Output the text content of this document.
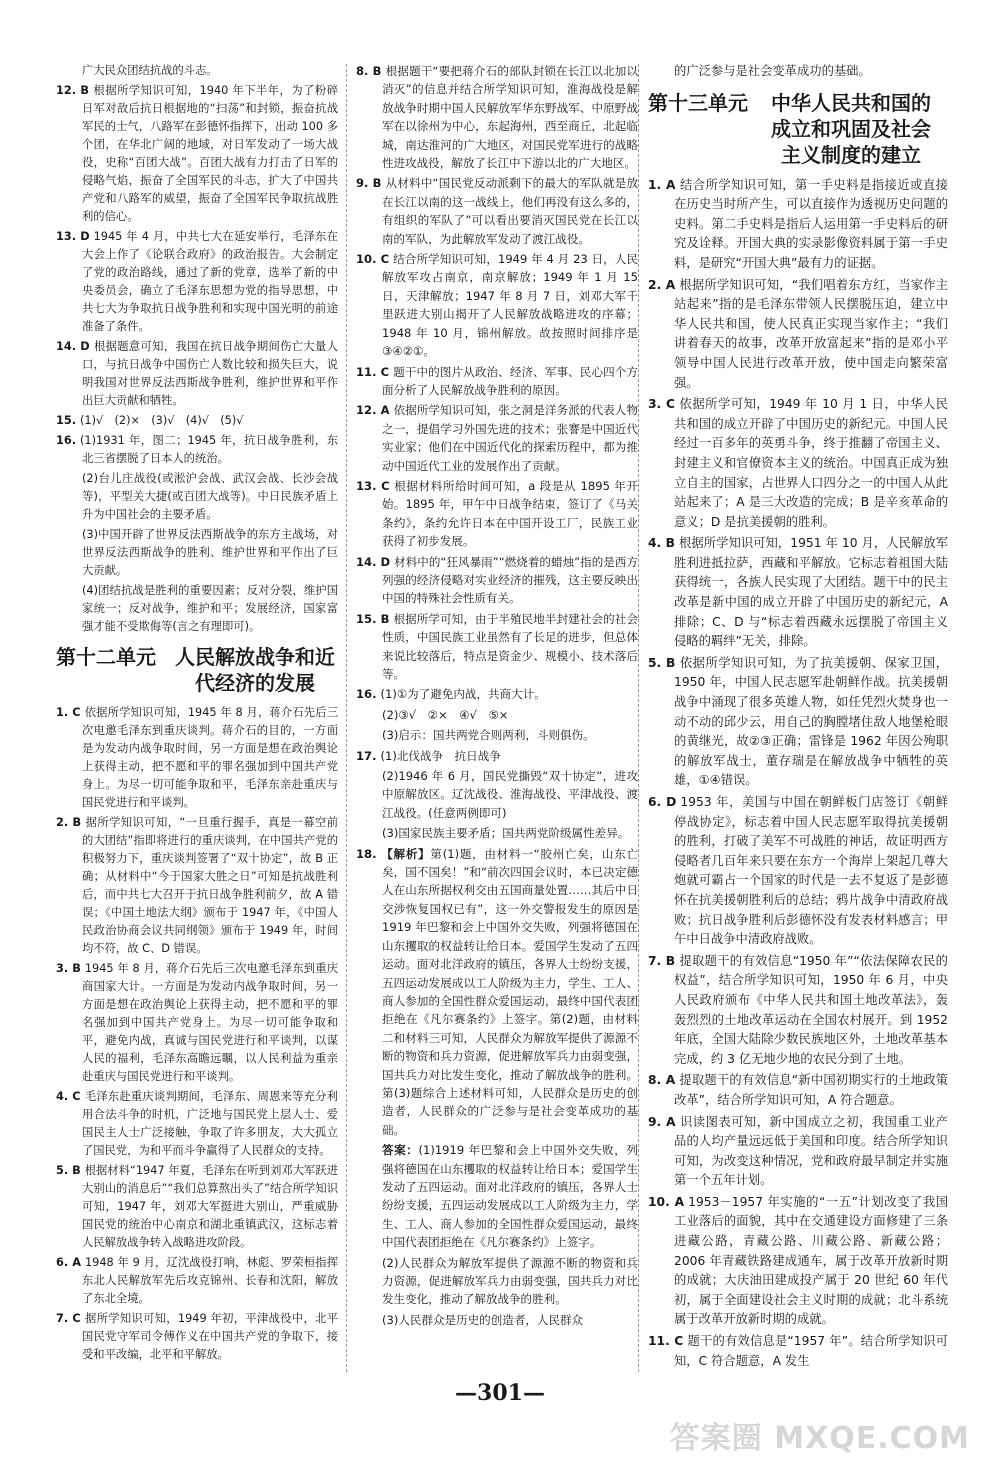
广大民众团结抗战的斗志。

12. B 根据所学知识可知，1940 年下半年，为了粉碎日军对敌后抗日根据地的“扫荡”和封锁，振奋抗战军民的士气，八路军在彭德怀指挥下，出动 100 多个团，在华北广阔的地域，对日军发动了一场大战役，史称“百团大战”。百团大战有力打击了日军的侵略气焰，振奋了全国军民的斗志，扩大了中国共产党和八路军的威望，振奋了全国军民争取抗战胜利的信心。

13. D 1945 年 4 月，中共七大在延安举行，毛泽东在大会上作了《论联合政府》的政治报告。大会制定了党的政治路线，通过了新的党章，选举了新的中央委员会，确立了毛泽东思想为党的指导思想，中共七大为争取抗日战争胜利和实现中国光明的前途准备了条件。

14. D 根据题意可知，我国在抗日战争期间伤亡大量人口，与抗日战争中国伤亡人数比较和损失巨大，说明我国对世界反法西斯战争胜利，维护世界和平作出巨大贡献和牺牲。

15. (1)√　(2)×　(3)√　(4)√　(5)√

16. (1)1931 年，图二；1945 年，抗日战争胜利，东北三省摆脱了日本人的统治。

(2)台儿庄战役(或淞沪会战、武汉会战、长沙会战等)，平型关大捷(或百团大战等)。中日民族矛盾上升为中国社会的主要矛盾。

(3)中国开辟了世界反法西斯战争的东方主战场，对世界反法西斯战争的胜利、维护世界和平作出了巨大贡献。

(4)团结抗战是胜利的重要因素；反对分裂，维护国家统一；反对战争，维护和平；发展经济，国家富强才能不受欺侮等(言之有理即可)。

第十二单元 人民解放战争和近代经济的发展

1. C 依据所学知识可知，1945 年 8 月，蒋介石先后三次电邀毛泽东到重庆谈判。蒋介石的目的，一方面是为发动内战争取时间，另一方面是想在政治舆论上获得主动，把不愿和平的罪名强加到中国共产党身上。为尽一切可能争取和平，毛泽东亲赴重庆与国民党进行和平谈判。

2. B 据所学知识可知，“一旦重行握手，真是一幕空前的大团结”指即将进行的重庆谈判，在中国共产党的积极努力下，重庆谈判签署了“双十协定”，故 B 正确；从材料中“今于国家大胜之日”可知是抗战胜利后，而中共七大召开于抗日战争胜利前夕，故 A 错误；《中国土地法大纲》颁布于 1947 年，《中国人民政治协商会议共同纲领》颁布于 1949 年，时间均不符，故 C、D 错误。

3. B 1945 年 8 月，蒋介石先后三次电邀毛泽东到重庆商国家大计。一方面是为发动内战争取时间，另一方面是想在政治舆论上获得主动，把不愿和平的罪名强加到中国共产党身上。为尽一切可能争取和平，避免内战，真诚与国民党进行和平谈判，以谋人民的福利，毛泽东高瞻远瞩，以人民利益为重亲赴重庆与国民党进行和平谈判。

4. C 毛泽东赴重庆谈判期间，毛泽东、周恩来等充分利用合法斗争的时机，广泛地与国民党上层人士、爱国民主人士广泛接触，争取了许多朋友，大大孤立了国民党，为和平而斗争赢得了人民群众的支持。

5. B 根据材料“1947 年夏，毛泽东在听到刘邓大军跃进大别山的消息后”“我们总算熬出头了”结合所学知识可知，1947 年，刘邓大军挺进大别山，严重威胁国民党的统治中心南京和湖北重镇武汉，这标志着人民解放战争转入战略进攻阶段。

6. A 1948 年 9 月，辽沈战役打响，林彪、罗荣桓指挥东北人民解放军先后攻克锦州、长春和沈阳，解放了东北全境。

7. C 据所学知识可知，1949 年初，平津战役中，北平国民党守军司令傅作义在中国共产党的争取下，接受和平改编，北平和平解放。

8. B 根据题干“要把蒋介石的部队封锁在长江以北加以消灭”的信息并结合所学知识可知，淮海战役是解放战争时期中国人民解放军华东野战军、中原野战军在以徐州为中心，东起海州，西至商丘，北起临城，南达淮河的广大地区，对国民党军进行的战略性进攻战役，解放了长江中下游以北的广大地区。

9. B 从材料中“国民党反动派剩下的最大的军队就是放在长江以南的这一战线上，他们再没有这么多的，有组织的军队了”可以看出要消灭国民党在长江以南的军队，为此解放军发动了渡江战役。

10. C 结合所学知识可知，1949 年 4 月 23 日，人民解放军攻占南京，南京解放；1949 年 1 月 15 日，天津解放；1947 年 8 月 7 日，刘邓大军千里跃进大别山揭开了人民解放战略进攻的序幕；1948 年 10 月，锦州解放。故按照时间排序是③④②①。

11. C 题干中的图片从政治、经济、军事、民心四个方面分析了人民解放战争胜利的原因。

12. A 依据所学知识可知，张之洞是洋务派的代表人物之一，提倡学习外国先进的技术；张謇是中国近代实业家；他们在中国近代化的探索历程中，都为推动中国近代工业的发展作出了贡献。

13. C 根据材料所给时间可知，a 段是从 1895 年开始。1895 年，甲午中日战争结束，签订了《马关条约》，条约允许日本在中国开设工厂，民族工业获得了初步发展。

14. D 材料中的“狂风暴雨”“燃烧着的蜡烛”指的是西方列强的经济侵略对实业经济的摧残，这主要反映出中国的特殊社会性质有关。

15. B 根据所学可知，由于半殖民地半封建社会的社会性质，中国民族工业虽然有了长足的进步，但总体来说比较落后，特点是资金少、规模小、技术落后等。

16. (1)①为了避免内战，共商大计。

(2)③√　②×　④√　⑤×

(3)启示：国共两党合则两利，斗则俱伤。

17. (1)北伐战争　抗日战争

(2)1946 年 6 月，国民党撕毁“双十协定”，进攻中原解放区。辽沈战役、淮海战役、平津战役、渡江战役。(任意两例即可)

(3)国家民族主要矛盾；国共两党阶级属性差异。

18. 【解析】第(1)题，由材料一“胶州亡矣，山东亡矣，国不国矣！”和“前次四国会议时，本已决定德人在山东所据权利交由五国商量处置……其后中日交涉恢复国权已有”，这一外交警报发生的原因是 1919 年巴黎和会上中国外交失败，列强将德国在山东攫取的权益转让给日本。爱国学生发动了五四运动。面对北洋政府的镇压，各界人士纷纷支援，五四运动发展成以工人阶级为主力，学生、工人、商人参加的全国性群众爱国运动，最终中国代表团拒绝在《凡尔赛条约》上签字。第(2)题，由材料二和材料三可知，人民群众为解放军提供了源源不断的物资和兵力资源，促进解放军兵力由弱变强，国共兵力对比发生变化，推动了解放战争的胜利。第(3)题综合上述材料可知，人民群众是历史的创造者，人民群众的广泛参与是社会变革成功的基础。

答案：(1)1919 年巴黎和会上中国外交失败，列强将德国在山东攫取的权益转让给日本；爱国学生发动了五四运动。面对北洋政府的镇压，各界人士纷纷支援，五四运动发展成以工人阶级为主力，学生、工人、商人参加的全国性群众爱国运动，最终中国代表团拒绝在《凡尔赛条约》上签字。

(2)人民群众为解放军提供了源源不断的物资和兵力资源，促进解放军兵力由弱变强，国共兵力对比发生变化，推动了解放战争的胜利。

(3)人民群众是历史的创造者，人民群众

的广泛参与是社会变革成功的基础。

第十三单元 中华人民共和国的成立和巩固及社会主义制度的建立

1. A 结合所学知识可知，第一手史料是指接近或直接在历史当时所产生，可以直接作为透视历史问题的史料。第二手史料是指后人运用第一手史料后的研究及诠释。开国大典的实录影像资料属于第一手史料，是研究“开国大典”最有力的证据。

2. A 根据所学知识可知，“我们唱着东方红，当家作主站起来”指的是毛泽东带领人民摆脱压迫，建立中华人民共和国，使人民真正实现当家作主；“我们讲着春天的故事，改革开放富起来”指的是邓小平领导中国人民进行改革开放，使中国走向繁荣富强。

3. C 依据所学可知，1949 年 10 月 1 日，中华人民共和国的成立开辟了中国历史的新纪元。中国人民经过一百多年的英勇斗争，终于推翻了帝国主义、封建主义和官僚资本主义的统治。中国真正成为独立自主的国家，占世界人口四分之一的中国人从此站起来了；A 是三大改造的完成；B 是辛亥革命的意义；D 是抗美援朝的胜利。

4. B 根据所学知识可知，1951 年 10 月，人民解放军胜利进抵拉萨，西藏和平解放。它标志着祖国大陆获得统一，各族人民实现了大团结。题干中的民主改革是新中国的成立开辟了中国历史的新纪元，A 排除；C、D 与“标志着西藏永远摆脱了帝国主义侵略的羁绊”无关，排除。

5. B 依据所学知识可知，为了抗美援朝、保家卫国，1950 年，中国人民志愿军赴朝鲜作战。抗美援朝战争中涌现了很多英雄人物，如任凭烈火焚身也一动不动的邱少云，用自己的胸膛堵住敌人地堡枪眼的黄继光，故②③正确；雷锋是 1962 年因公殉职的解放军战士，董存瑞是在解放战争中牺牲的英雄，①④错误。

6. D 1953 年，美国与中国在朝鲜板门店签订《朝鲜停战协定》，标志着中国人民志愿军取得抗美援朝的胜利，打破了美军不可战胜的神话，故证明西方侵略者几百年来只要在东方一个海岸上架起几尊大炮就可霸占一个国家的时代是一去不复返了是彭德怀在抗美援朝胜利后的总结；鸦片战争中清政府战败；抗日战争胜利后彭德怀没有发表材料感言；甲午中日战争中清政府战败。

7. B 提取题干的有效信息“1950 年”“依法保障农民的权益”，结合所学知识可知，1950 年 6 月，中央人民政府颁布《中华人民共和国土地改革法》，轰轰烈烈的土地改革运动在全国农村展开。到 1952 年底，全国大陆除少数民族地区外，土地改革基本完成，约 3 亿无地少地的农民分到了土地。

8. A 提取题干的有效信息“新中国初期实行的土地政策改革”，结合所学知识可知，A 符合题意。

9. A 识读图表可知，新中国成立之初，我国重工业产品的人均产量远远低于美国和印度。结合所学知识可知，为改变这种情况，党和政府最早制定并实施第一个五年计划。

10. A 1953－1957 年实施的“一五”计划改变了我国工业落后的面貌，其中在交通建设方面修建了三条进藏公路，青藏公路、川藏公路、新藏公路；2006 年青藏铁路建成通车，属于改革开放新时期的成就；大庆油田建成投产属于 20 世纪 60 年代初，属于全面建设社会主义时期的成就；北斗系统属于改革开放新时期的成就。

11. C 题干的有效信息是“1957 年”。结合所学知识可知，C 符合题意，A 发生

—301—
答案圈 MXQE.COM
